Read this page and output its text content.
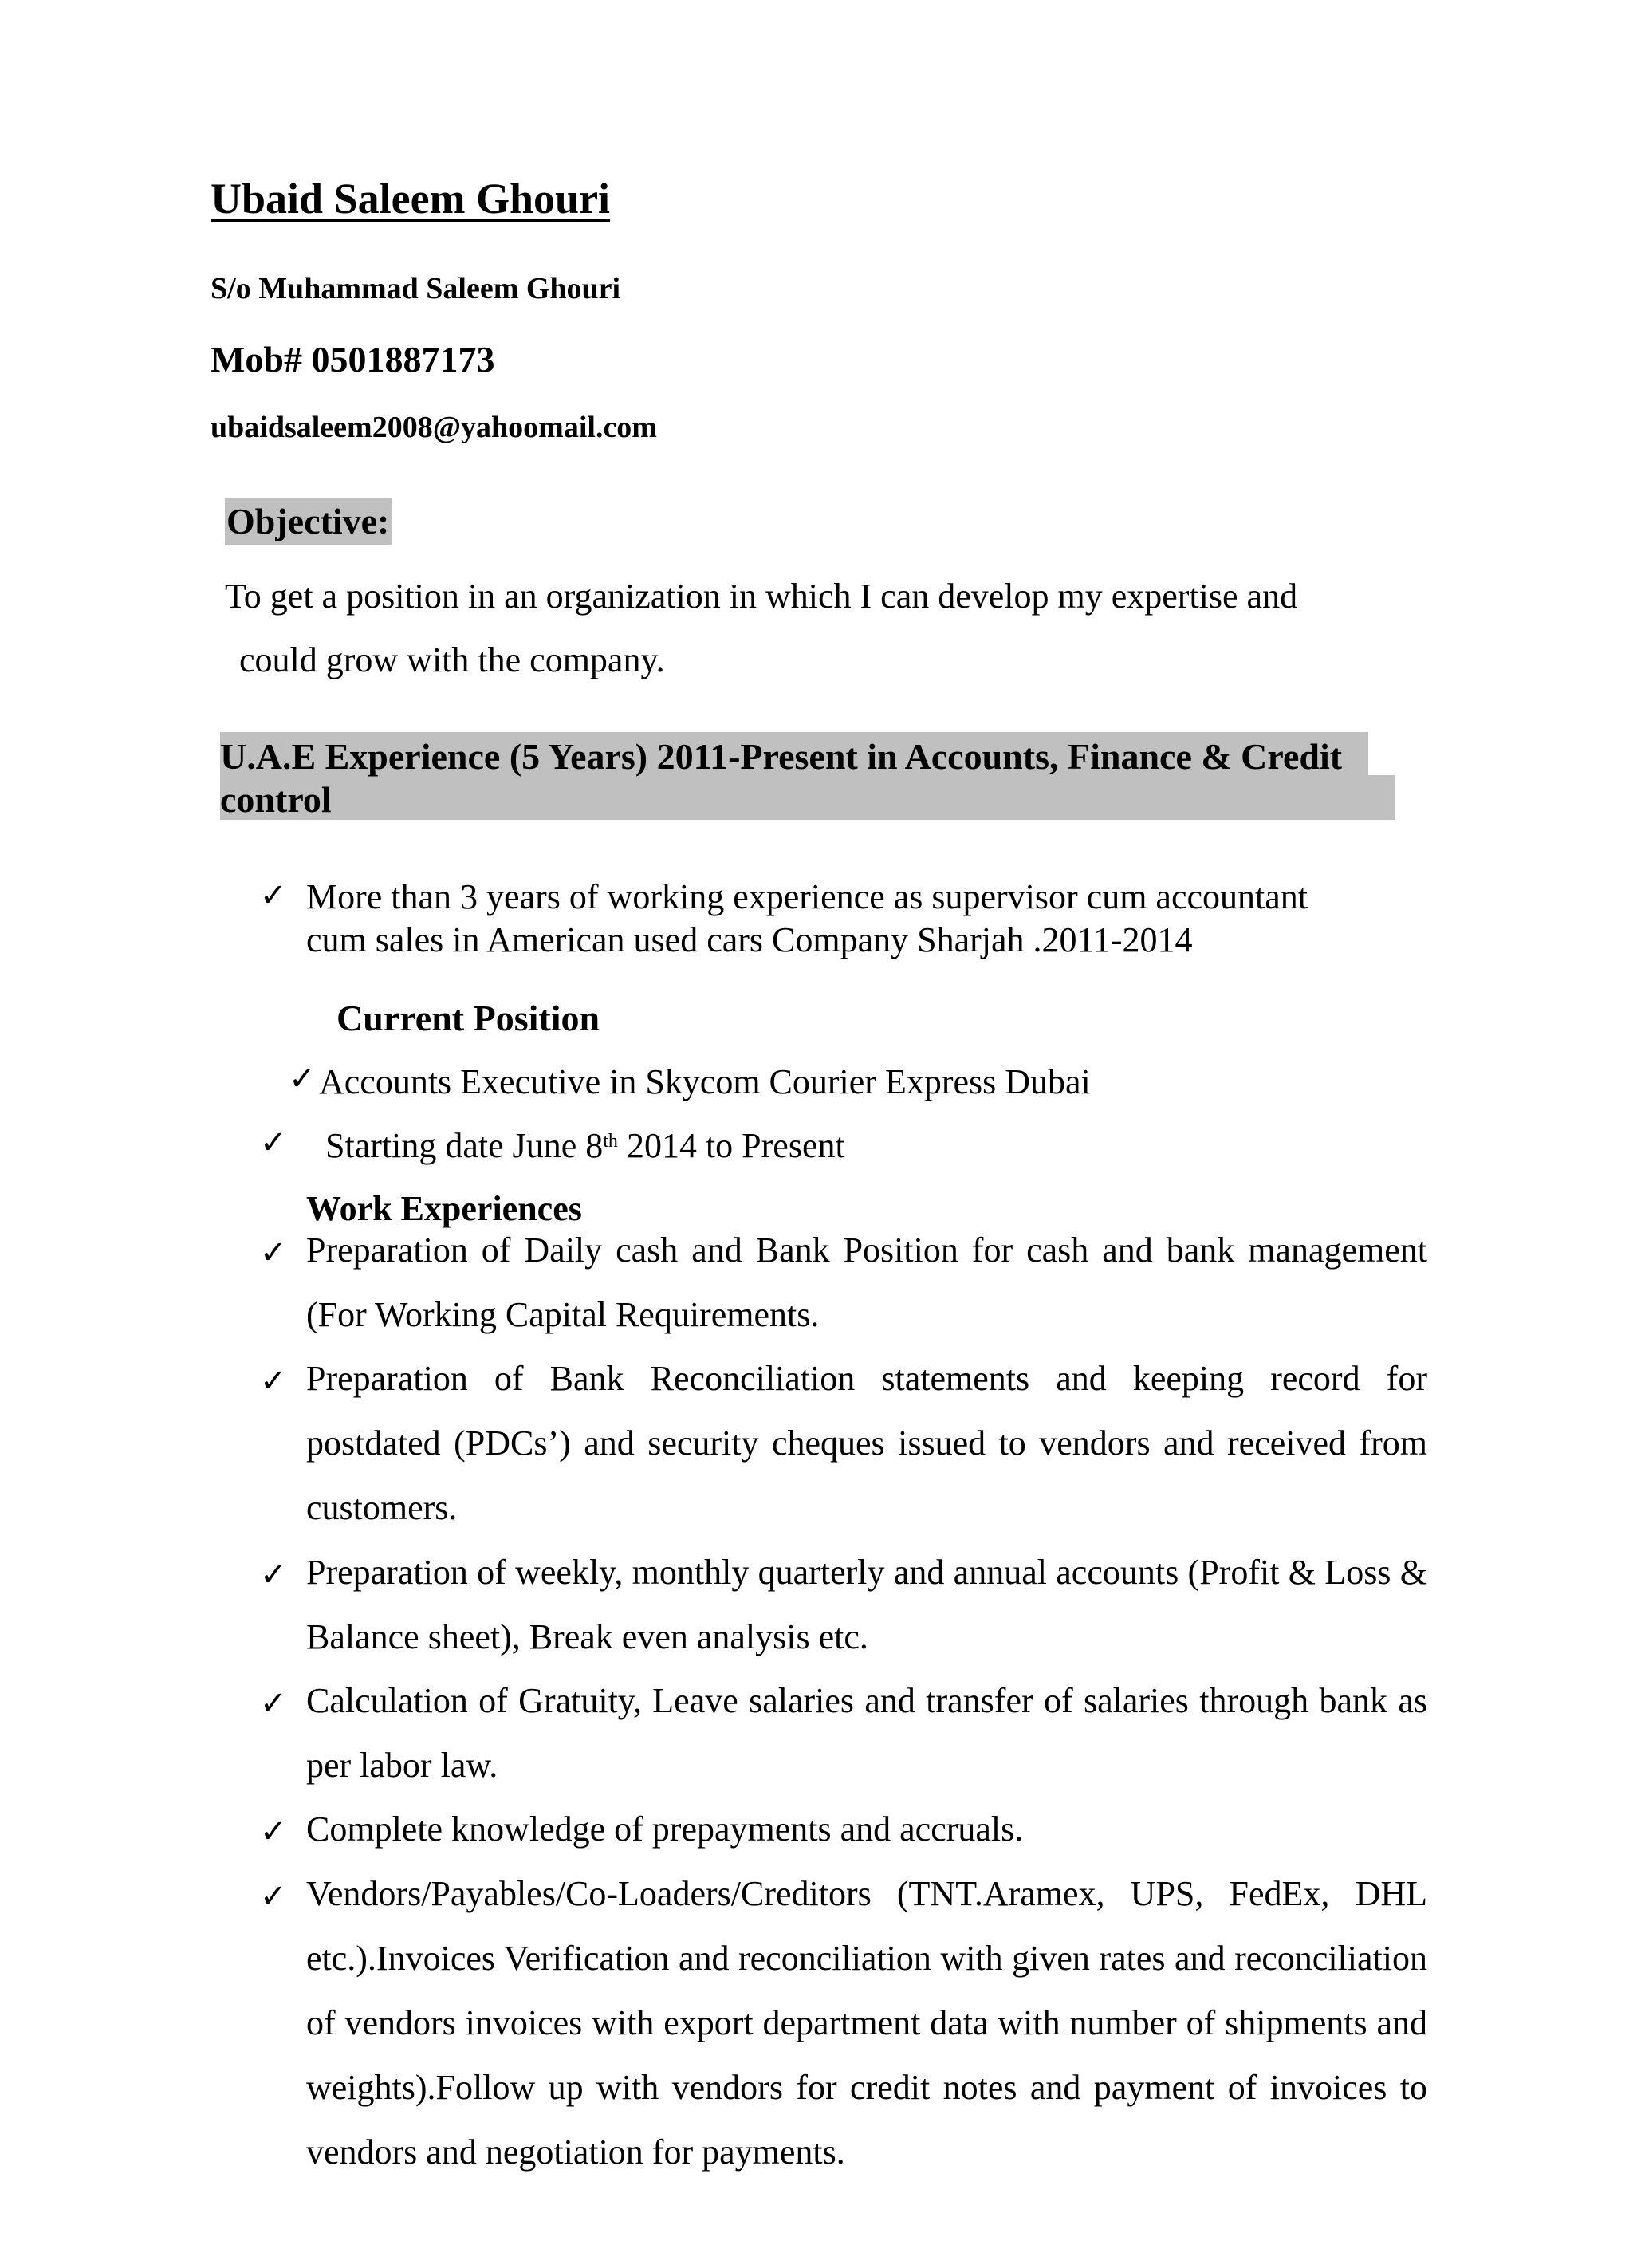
Ubaid Saleem Ghouri
S/o Muhammad Saleem Ghouri
Mob# 0501887173
ubaidsaleem2008@yahoomail.com
Objective:
To get a position in an organization in which I can develop my expertise and
could grow with the company.
U.A.E Experience (5 Years) 2011-Present in Accounts, Finance & Credit
control
✓ More than 3 years of working experience as supervisor cum accountant
cum sales in American used cars Company Sharjah .2011-2014
Current Position
✓ Accounts Executive in Skycom Courier Express Dubai
✓ Starting date June 8th 2014 to Present
Work Experiences
✓ Preparation of Daily cash and Bank Position for cash and bank management (For Working Capital Requirements.
✓ Preparation of Bank Reconciliation statements and keeping record for postdated (PDCs’) and security cheques issued to vendors and received from customers.
✓ Preparation of weekly, monthly quarterly and annual accounts (Profit & Loss & Balance sheet), Break even analysis etc.
✓ Calculation of Gratuity, Leave salaries and transfer of salaries through bank as per labor law.
✓ Complete knowledge of prepayments and accruals.
✓ Vendors/Payables/Co-Loaders/Creditors (TNT.Aramex, UPS, FedEx, DHL etc.).Invoices Verification and reconciliation with given rates and reconciliation of vendors invoices with export department data with number of shipments and weights).Follow up with vendors for credit notes and payment of invoices to vendors and negotiation for payments.
